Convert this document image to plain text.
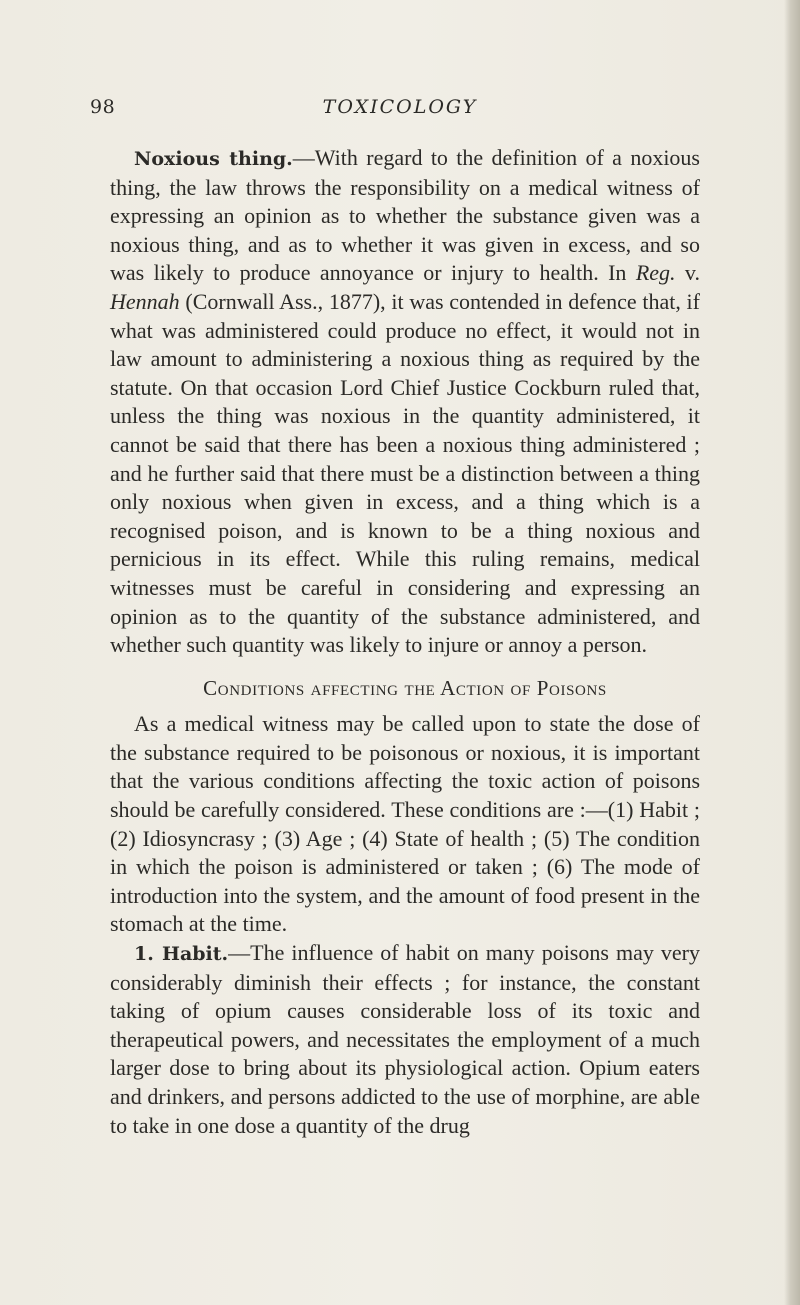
98	TOXICOLOGY

Noxious thing.—With regard to the definition of a noxious thing, the law throws the responsibility on a medical witness of expressing an opinion as to whether the substance given was a noxious thing, and as to whether it was given in excess, and so was likely to produce annoyance or injury to health. In Reg. v. Hennah (Cornwall Ass., 1877), it was contended in defence that, if what was administered could produce no effect, it would not in law amount to administering a noxious thing as required by the statute. On that occasion Lord Chief Justice Cockburn ruled that, unless the thing was noxious in the quantity administered, it cannot be said that there has been a noxious thing administered ; and he further said that there must be a distinction between a thing only noxious when given in excess, and a thing which is a recognised poison, and is known to be a thing noxious and pernicious in its effect. While this ruling remains, medical witnesses must be careful in considering and expressing an opinion as to the quantity of the substance administered, and whether such quantity was likely to injure or annoy a person.

Conditions affecting the Action of Poisons

As a medical witness may be called upon to state the dose of the substance required to be poisonous or noxious, it is important that the various conditions affecting the toxic action of poisons should be carefully considered. These conditions are :—(1) Habit ; (2) Idiosyncrasy ; (3) Age ; (4) State of health ; (5) The condition in which the poison is administered or taken ; (6) The mode of introduction into the system, and the amount of food present in the stomach at the time.

1. Habit.—The influence of habit on many poisons may very considerably diminish their effects ; for instance, the constant taking of opium causes considerable loss of its toxic and therapeutical powers, and necessitates the employment of a much larger dose to bring about its physiological action. Opium eaters and drinkers, and persons addicted to the use of morphine, are able to take in one dose a quantity of the drug
